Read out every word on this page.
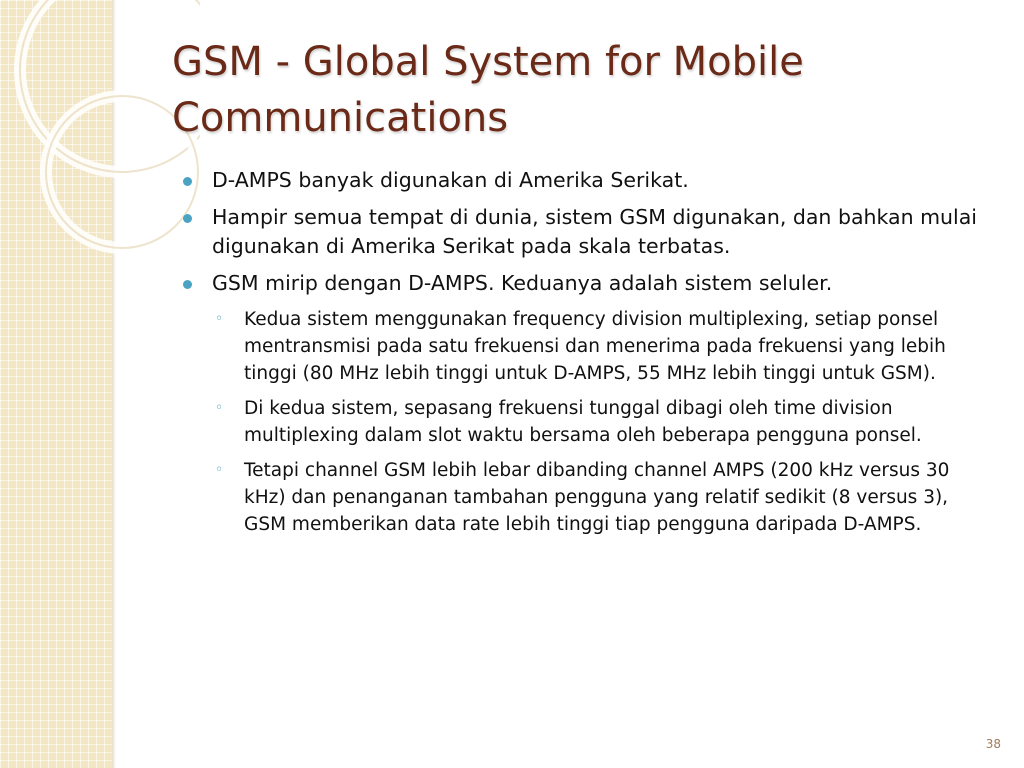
GSM - Global System for Mobile Communications
D-AMPS banyak digunakan di Amerika Serikat.
Hampir semua tempat di dunia, sistem GSM digunakan, dan bahkan mulai digunakan di Amerika Serikat pada skala terbatas.
GSM mirip dengan D-AMPS. Keduanya adalah sistem seluler.
◦ Kedua sistem menggunakan frequency division multiplexing, setiap ponsel mentransmisi pada satu frekuensi dan menerima pada frekuensi yang lebih tinggi (80 MHz lebih tinggi untuk D-AMPS, 55 MHz lebih tinggi untuk GSM).
◦ Di kedua sistem, sepasang frekuensi tunggal dibagi oleh time division multiplexing dalam slot waktu bersama oleh beberapa pengguna ponsel.
◦ Tetapi channel GSM lebih lebar dibanding channel AMPS (200 kHz versus 30 kHz) dan penanganan tambahan pengguna yang relatif sedikit (8 versus 3), GSM memberikan data rate lebih tinggi tiap pengguna daripada D-AMPS.
38
